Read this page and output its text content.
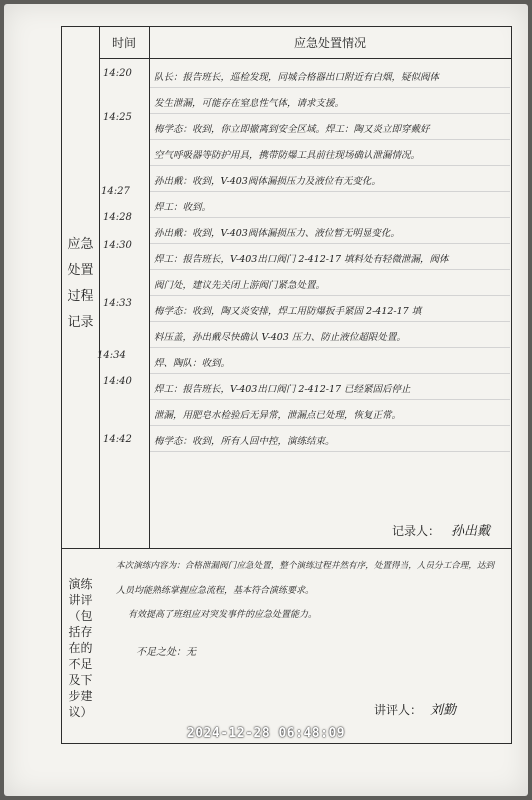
时间	应急处置情况
应急
处置
过程
记录
演练
讲评
（包
括存
在的
不足
及下
步建
议）
14:20
14:25
14:27
14:28
14:30
14:33
14:34
14:40
14:42
队长：报告班长，巡检发现，同城合格器出口附近有白烟，疑似阀体
发生泄漏，可能存在窒息性气体，请求支援。
梅学态：收到，你立即撤离到安全区域。焊工：陶又炎立即穿戴好
空气呼吸器等防护用具，携带防爆工具前往现场确认泄漏情况。
孙出戴：收到，V-403阀体漏损压力及液位有无变化。
焊工：收到。
孙出戴：收到，V-403阀体漏损压力、液位暂无明显变化。
焊工：报告班长，V-403出口阀门 2-412-17 填料处有轻微泄漏，阀体
阀门处，建议先关闭上游阀门紧急处置。
梅学态：收到，陶又炎安排，焊工用防爆扳手紧固 2-412-17 填
料压盖，孙出戴尽快确认 V-403 压力、防止液位超限处置。
焊、陶队：收到。
焊工：报告班长，V-403出口阀门 2-412-17 已经紧固后停止
泄漏，用肥皂水检验后无异常，泄漏点已处理，恢复正常。
梅学态：收到，所有人回中控，演练结束。
记录人： 孙出戴
本次演练内容为：合格泄漏阀门应急处置，整个演练过程井然有序，处置得当，人员分工合理，达到
人员均能熟练掌握应急流程，基本符合演练要求。
有效提高了班组应对突发事件的应急处置能力。
不足之处：无
讲评人： 刘勤
2024-12-28 06:48:09
